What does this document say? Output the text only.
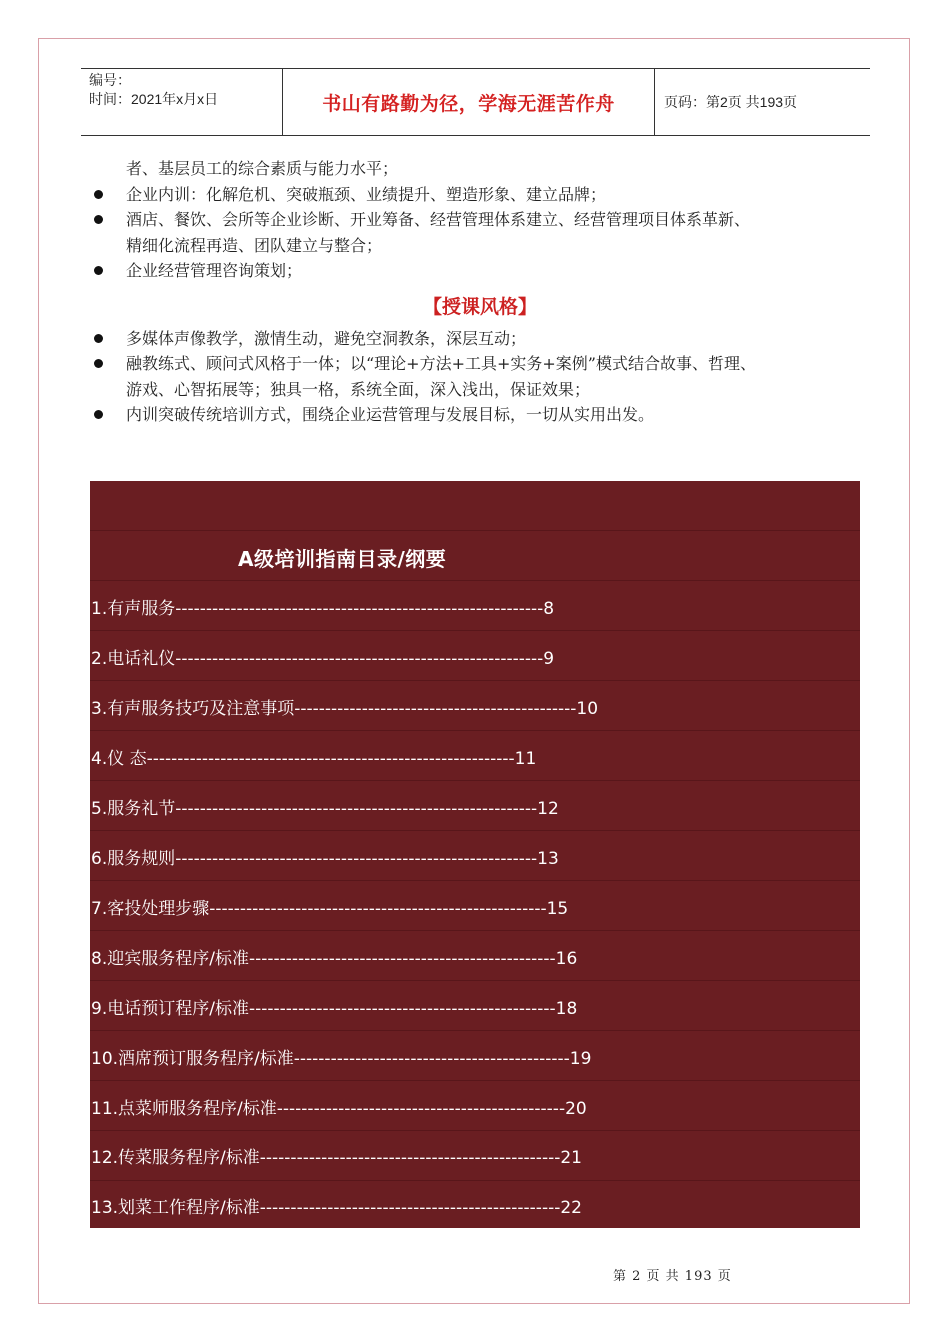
编号：
时间：2021年x月x日	书山有路勤为径，学海无涯苦作舟	页码：第2页 共193页
者、基层员工的综合素质与能力水平；
企业内训：化解危机、突破瓶颈、业绩提升、塑造形象、建立品牌；
酒店、餐饮、会所等企业诊断、开业筹备、经营管理体系建立、经营管理项目体系革新、
精细化流程再造、团队建立与整合；
企业经营管理咨询策划；
【授课风格】
多媒体声像教学，激情生动，避免空洞教条，深层互动；
融教练式、顾问式风格于一体；以“理论+方法+工具+实务+案例”模式结合故事、哲理、
游戏、心智拓展等；独具一格，系统全面，深入浅出，保证效果；
内训突破传统培训方式，围绕企业运营管理与发展目标，一切从实用出发。
A级培训指南目录/纲要
1.有声服务------------------------------------------------------------8
2.电话礼仪------------------------------------------------------------9
3.有声服务技巧及注意事项----------------------------------------------10
4.仪 态------------------------------------------------------------11
5.服务礼节-----------------------------------------------------------12
6.服务规则-----------------------------------------------------------13
7.客投处理步骤-------------------------------------------------------15
8.迎宾服务程序/标准--------------------------------------------------16
9.电话预订程序/标准--------------------------------------------------18
10.酒席预订服务程序/标准---------------------------------------------19
11.点菜师服务程序/标准-----------------------------------------------20
12.传菜服务程序/标准-------------------------------------------------21
13.划菜工作程序/标准-------------------------------------------------22
第 2 页 共 193 页
